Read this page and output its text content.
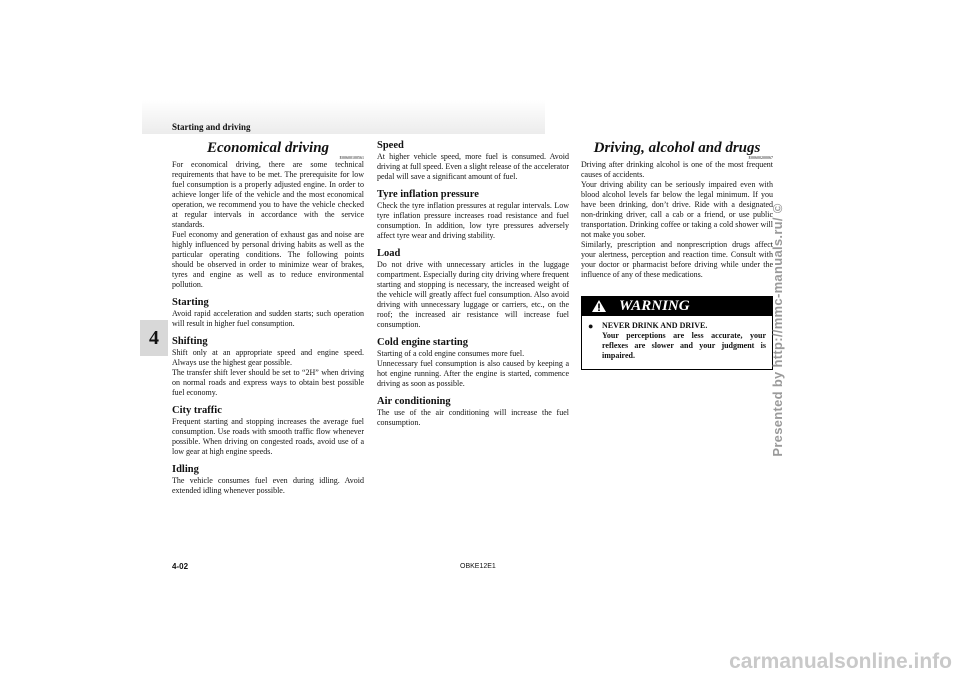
Starting and driving
4
Economical driving
E00600100561

For economical driving, there are some technical requirements that have to be met. The prerequisite for low fuel consumption is a properly adjusted engine. In order to achieve longer life of the vehicle and the most economical operation, we recommend you to have the vehicle checked at regular intervals in accordance with the service standards.

Fuel economy and generation of exhaust gas and noise are highly influenced by personal driving habits as well as the particular operating conditions. The following points should be observed in order to minimize wear of brakes, tyres and engine as well as to reduce environmental pollution.

Starting

Avoid rapid acceleration and sudden starts; such operation will result in higher fuel consumption.

Shifting

Shift only at an appropriate speed and engine speed. Always use the highest gear possible.

The transfer shift lever should be set to “2H” when driving on normal roads and express ways to obtain best possible fuel economy.

City traffic

Frequent starting and stopping increases the average fuel consumption. Use roads with smooth traffic flow whenever possible. When driving on congested roads, avoid use of a low gear at high engine speeds.

Idling

The vehicle consumes fuel even during idling. Avoid extended idling whenever possible.

Speed

At higher vehicle speed, more fuel is consumed. Avoid driving at full speed. Even a slight release of the accelerator pedal will save a significant amount of fuel.

Tyre inflation pressure

Check the tyre inflation pressures at regular intervals. Low tyre inflation pressure increases road resistance and fuel consumption. In addition, low tyre pressures adversely affect tyre wear and driving stability.

Load

Do not drive with unnecessary articles in the luggage compartment. Especially during city driving where frequent starting and stopping is necessary, the increased weight of the vehicle will greatly affect fuel consumption. Also avoid driving with unnecessary luggage or carriers, etc., on the roof; the increased air resistance will increase fuel consumption.

Cold engine starting

Starting of a cold engine consumes more fuel.

Unnecessary fuel consumption is also caused by keeping a hot engine running. After the engine is started, commence driving as soon as possible.

Air conditioning

The use of the air conditioning will increase the fuel consumption.

Driving, alcohol and drugs
E00600200067

Driving after drinking alcohol is one of the most frequent causes of accidents.

Your driving ability can be seriously impaired even with blood alcohol levels far below the legal minimum. If you have been drinking, don’t drive. Ride with a designated non-drinking driver, call a cab or a friend, or use public transportation. Drinking coffee or taking a cold shower will not make you sober.

Similarly, prescription and nonprescription drugs affect your alertness, perception and reaction time. Consult with your doctor or pharmacist before driving while under the influence of any of these medications.

WARNING
●	NEVER DRINK AND DRIVE.
Your perceptions are less accurate, your reflexes are slower and your judgment is impaired.
4-02	OBKE12E1
Presented by http://mmc-manuals.ru/ ©
carmanualsonline.info
